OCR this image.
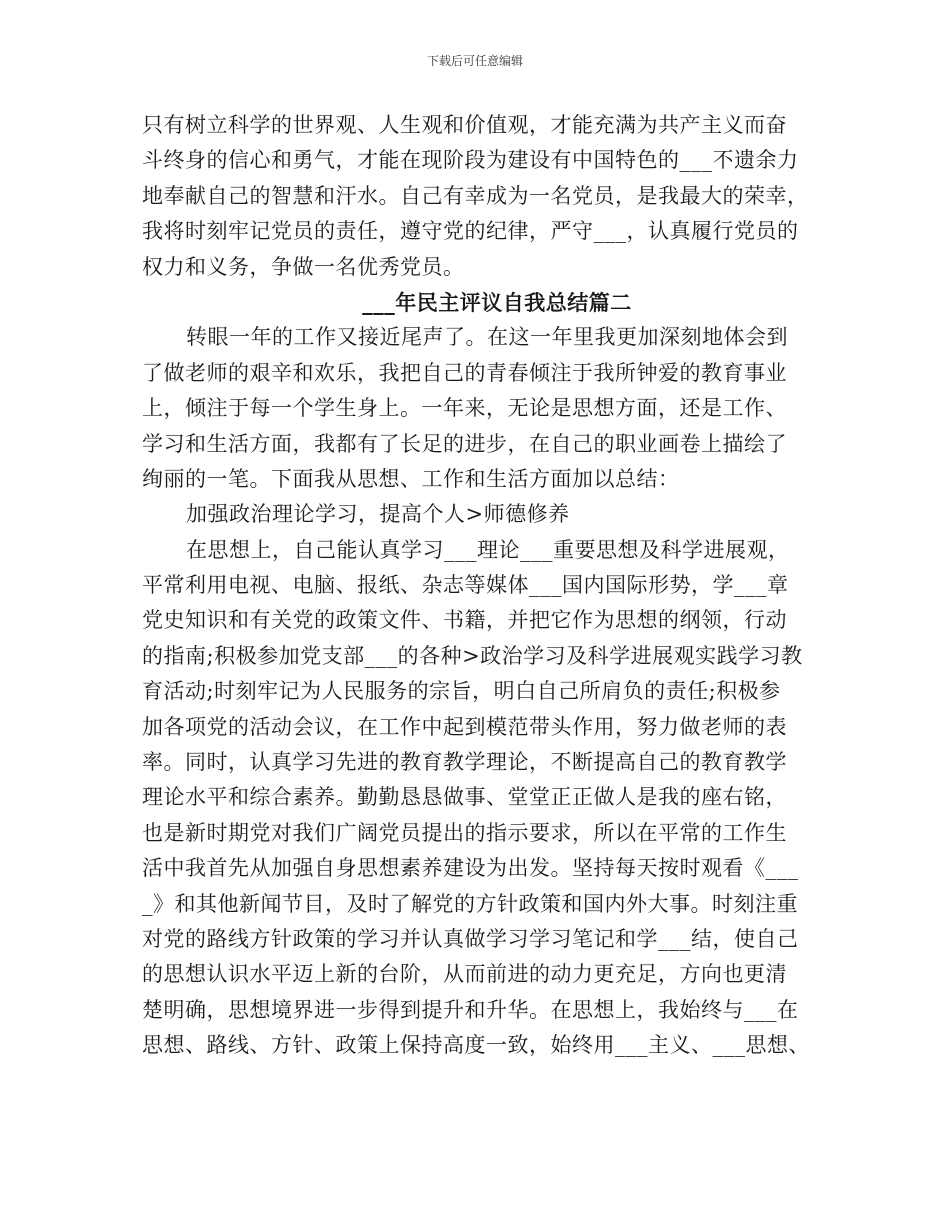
下载后可任意编辑
只有树立科学的世界观、人生观和价值观，才能充满为共产主义而奋
斗终身的信心和勇气，才能在现阶段为建设有中国特色的___不遗余力
地奉献自己的智慧和汗水。自己有幸成为一名党员，是我最大的荣幸，
我将时刻牢记党员的责任，遵守党的纪律，严守___，认真履行党员的
权力和义务，争做一名优秀党员。
___年民主评议自我总结篇二
转眼一年的工作又接近尾声了。在这一年里我更加深刻地体会到
了做老师的艰辛和欢乐，我把自己的青春倾注于我所钟爱的教育事业
上，倾注于每一个学生身上。一年来，无论是思想方面，还是工作、
学习和生活方面，我都有了长足的进步，在自己的职业画卷上描绘了
绚丽的一笔。下面我从思想、工作和生活方面加以总结：
加强政治理论学习，提高个人>师德修养
在思想上，自己能认真学习___理论___重要思想及科学进展观，
平常利用电视、电脑、报纸、杂志等媒体___国内国际形势，学___章
党史知识和有关党的政策文件、书籍，并把它作为思想的纲领，行动
的指南;积极参加党支部___的各种>政治学习及科学进展观实践学习教
育活动;时刻牢记为人民服务的宗旨，明白自己所肩负的责任;积极参
加各项党的活动会议，在工作中起到模范带头作用，努力做老师的表
率。同时，认真学习先进的教育教学理论，不断提高自己的教育教学
理论水平和综合素养。勤勤恳恳做事、堂堂正正做人是我的座右铭，
也是新时期党对我们广阔党员提出的指示要求，所以在平常的工作生
活中我首先从加强自身思想素养建设为出发。坚持每天按时观看《___
_》和其他新闻节目，及时了解党的方针政策和国内外大事。时刻注重
对党的路线方针政策的学习并认真做学习学习笔记和学___结，使自己
的思想认识水平迈上新的台阶，从而前进的动力更充足，方向也更清
楚明确，思想境界进一步得到提升和升华。在思想上，我始终与___在
思想、路线、方针、政策上保持高度一致，始终用___主义、___思想、
